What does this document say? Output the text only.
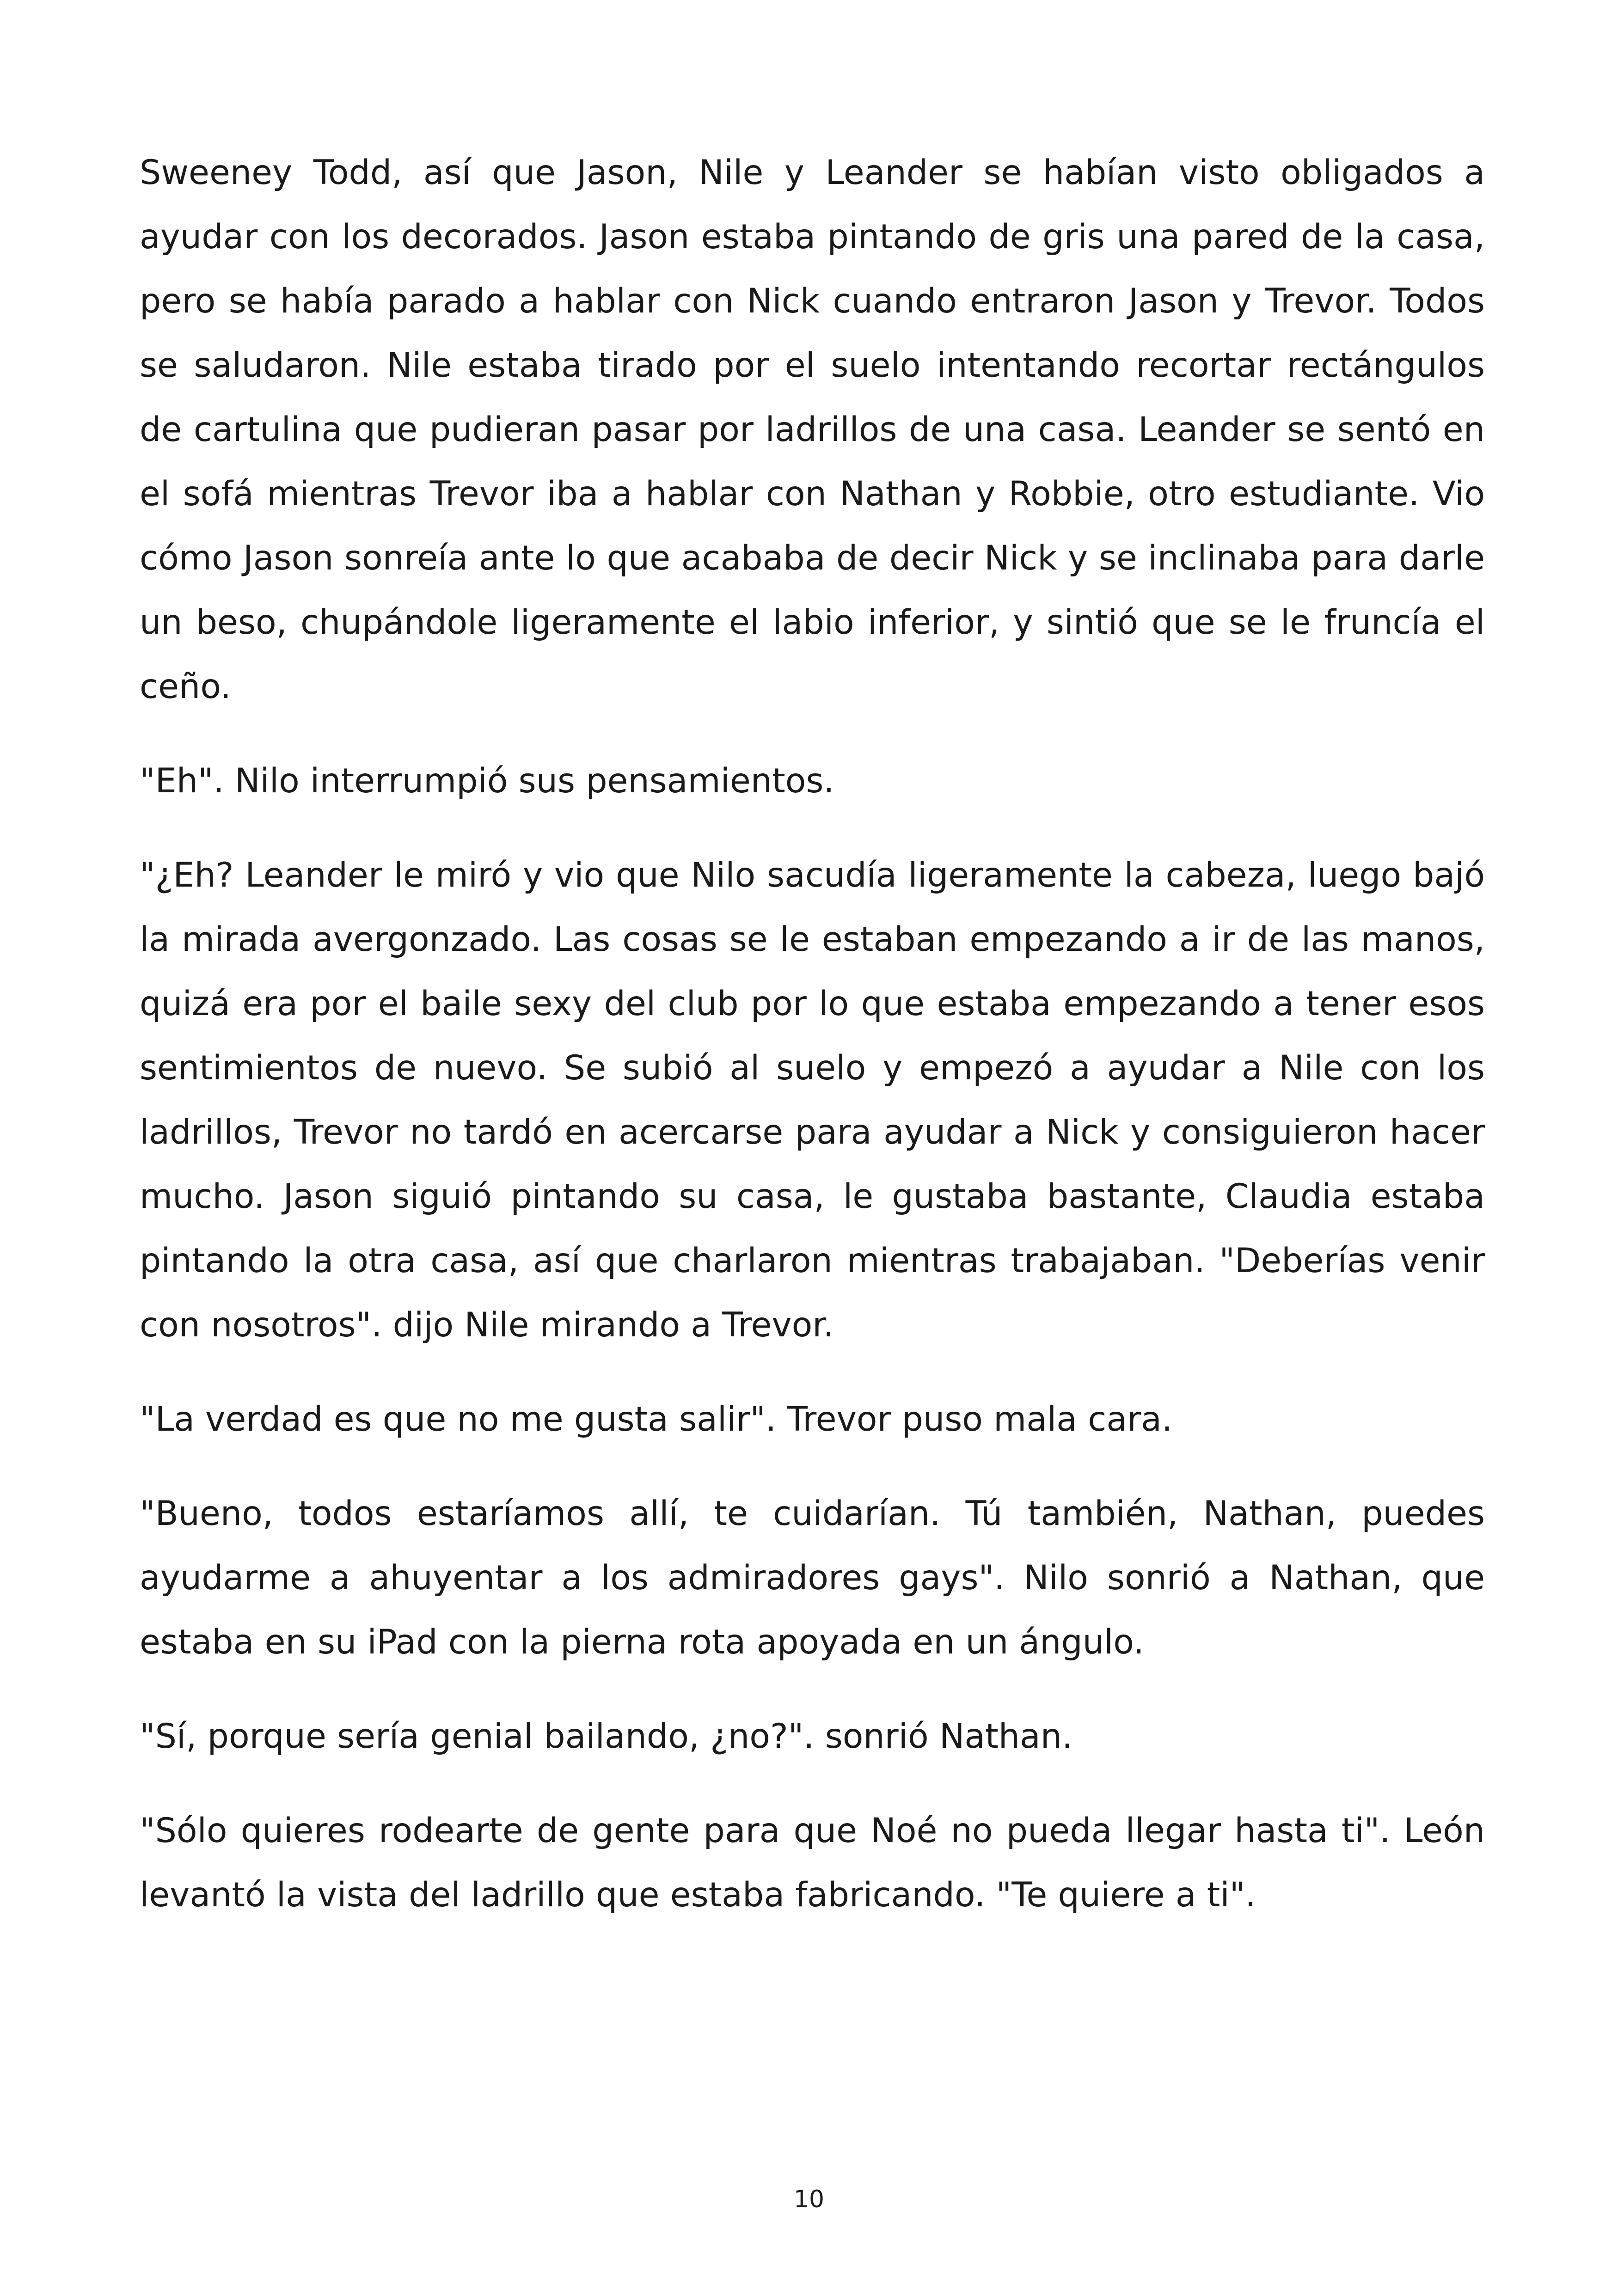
Sweeney Todd, así que Jason, Nile y Leander se habían visto obligados a ayudar con los decorados. Jason estaba pintando de gris una pared de la casa, pero se había parado a hablar con Nick cuando entraron Jason y Trevor. Todos se saludaron. Nile estaba tirado por el suelo intentando recortar rectángulos de cartulina que pudieran pasar por ladrillos de una casa. Leander se sentó en el sofá mientras Trevor iba a hablar con Nathan y Robbie, otro estudiante. Vio cómo Jason sonreía ante lo que acababa de decir Nick y se inclinaba para darle un beso, chupándole ligeramente el labio inferior, y sintió que se le fruncía el ceño.

"Eh". Nilo interrumpió sus pensamientos.

"¿Eh? Leander le miró y vio que Nilo sacudía ligeramente la cabeza, luego bajó la mirada avergonzado. Las cosas se le estaban empezando a ir de las manos, quizá era por el baile sexy del club por lo que estaba empezando a tener esos sentimientos de nuevo. Se subió al suelo y empezó a ayudar a Nile con los ladrillos, Trevor no tardó en acercarse para ayudar a Nick y consiguieron hacer mucho. Jason siguió pintando su casa, le gustaba bastante, Claudia estaba pintando la otra casa, así que charlaron mientras trabajaban. "Deberías venir con nosotros". dijo Nile mirando a Trevor.

"La verdad es que no me gusta salir". Trevor puso mala cara.

"Bueno, todos estaríamos allí, te cuidarían. Tú también, Nathan, puedes ayudarme a ahuyentar a los admiradores gays". Nilo sonrió a Nathan, que estaba en su iPad con la pierna rota apoyada en un ángulo.

"Sí, porque sería genial bailando, ¿no?". sonrió Nathan.

"Sólo quieres rodearte de gente para que Noé no pueda llegar hasta ti". León levantó la vista del ladrillo que estaba fabricando. "Te quiere a ti".

10
